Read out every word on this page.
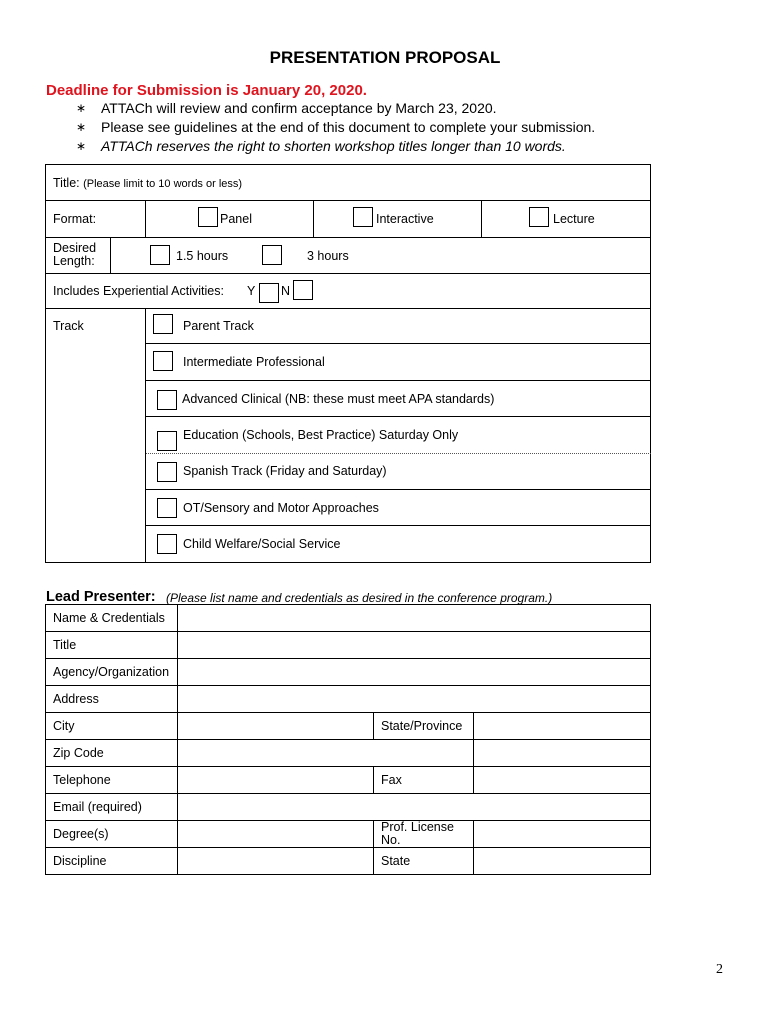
PRESENTATION PROPOSAL
Deadline for Submission is January 20, 2020.
∗	ATTACh will review and confirm acceptance by March 23, 2020.
∗	Please see guidelines at the end of this document to complete your submission.
∗	ATTACh reserves the right to shorten workshop titles longer than 10 words.
Title: (Please limit to 10 words or less)
Format:	Panel	Interactive	Lecture
Desired
Length:	1.5 hours	3 hours
Includes Experiential Activities: Y N
Track	Parent Track
Intermediate Professional
Advanced Clinical (NB: these must meet APA standards)
Education (Schools, Best Practice) Saturday Only
Spanish Track (Friday and Saturday)
OT/Sensory and Motor Approaches
Child Welfare/Social Service
Lead Presenter: (Please list name and credentials as desired in the conference program.)
Name & Credentials			
Title			
Agency/Organization			
Address			
City		State/Province	
Zip Code			
Telephone		Fax	
Email (required)			
Degree(s)		Prof. License No.	
Discipline		State	
2
